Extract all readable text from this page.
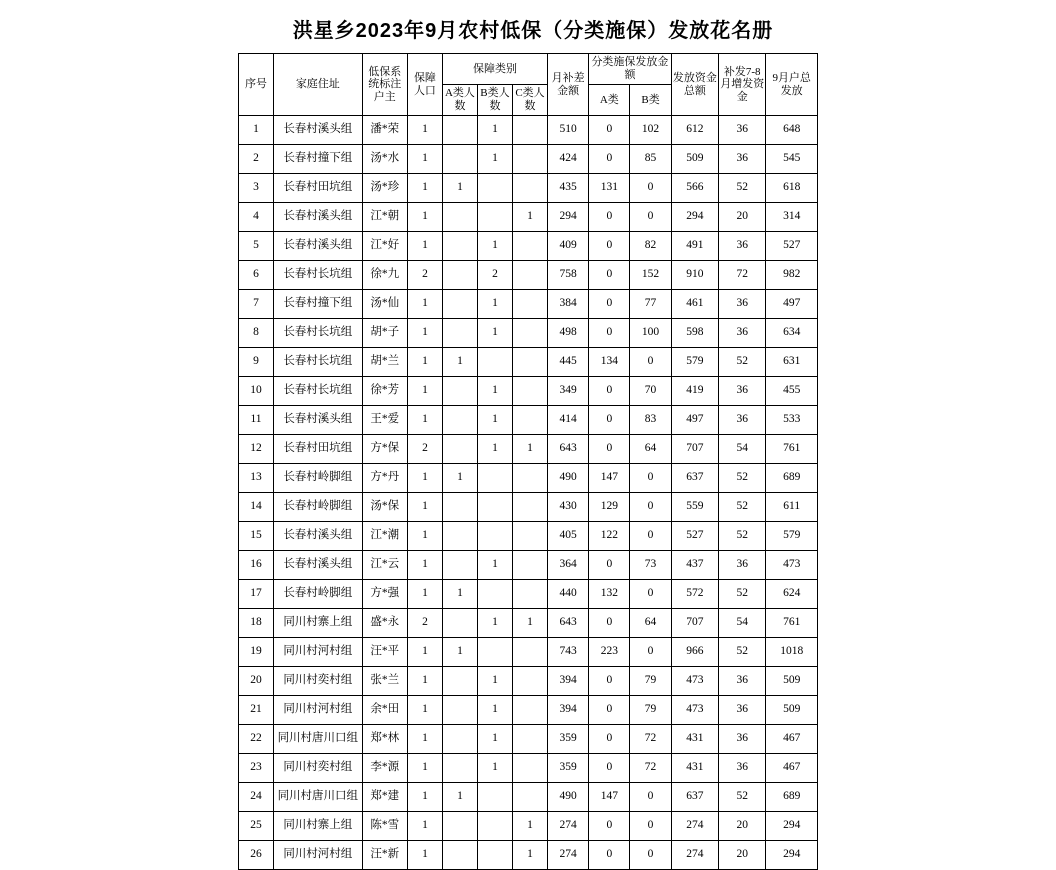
洪星乡2023年9月农村低保（分类施保）发放花名册
序号	家庭住址	低保系统标注户主	保障人口	保障类别			月补差金额	分类施保发放金额		发放资金总额	补发7-8月增发资金	9月户总发放
				A类人数	B类人数	C类人数		A类	B类			
1	长春村溪头组	潘*荣	1		1		510	0	102	612	36	648
2	长春村撞下组	汤*水	1		1		424	0	85	509	36	545
3	长春村田坑组	汤*珍	1	1			435	131	0	566	52	618
4	长春村溪头组	江*朝	1			1	294	0	0	294	20	314
5	长春村溪头组	江*好	1		1		409	0	82	491	36	527
6	长春村长坑组	徐*九	2		2		758	0	152	910	72	982
7	长春村撞下组	汤*仙	1		1		384	0	77	461	36	497
8	长春村长坑组	胡*子	1		1		498	0	100	598	36	634
9	长春村长坑组	胡*兰	1	1			445	134	0	579	52	631
10	长春村长坑组	徐*芳	1		1		349	0	70	419	36	455
11	长春村溪头组	王*爱	1		1		414	0	83	497	36	533
12	长春村田坑组	方*保	2		1	1	643	0	64	707	54	761
13	长春村岭脚组	方*丹	1	1			490	147	0	637	52	689
14	长春村岭脚组	汤*保	1				430	129	0	559	52	611
15	长春村溪头组	江*潮	1				405	122	0	527	52	579
16	长春村溪头组	江*云	1		1		364	0	73	437	36	473
17	长春村岭脚组	方*强	1	1			440	132	0	572	52	624
18	同川村寨上组	盛*永	2		1	1	643	0	64	707	54	761
19	同川村河村组	汪*平	1	1			743	223	0	966	52	1018
20	同川村奕村组	张*兰	1		1		394	0	79	473	36	509
21	同川村河村组	余*田	1		1		394	0	79	473	36	509
22	同川村唐川口组	郑*林	1		1		359	0	72	431	36	467
23	同川村奕村组	李*源	1		1		359	0	72	431	36	467
24	同川村唐川口组	郑*建	1	1			490	147	0	637	52	689
25	同川村寨上组	陈*雪	1			1	274	0	0	274	20	294
26	同川村河村组	汪*新	1			1	274	0	0	274	20	294
